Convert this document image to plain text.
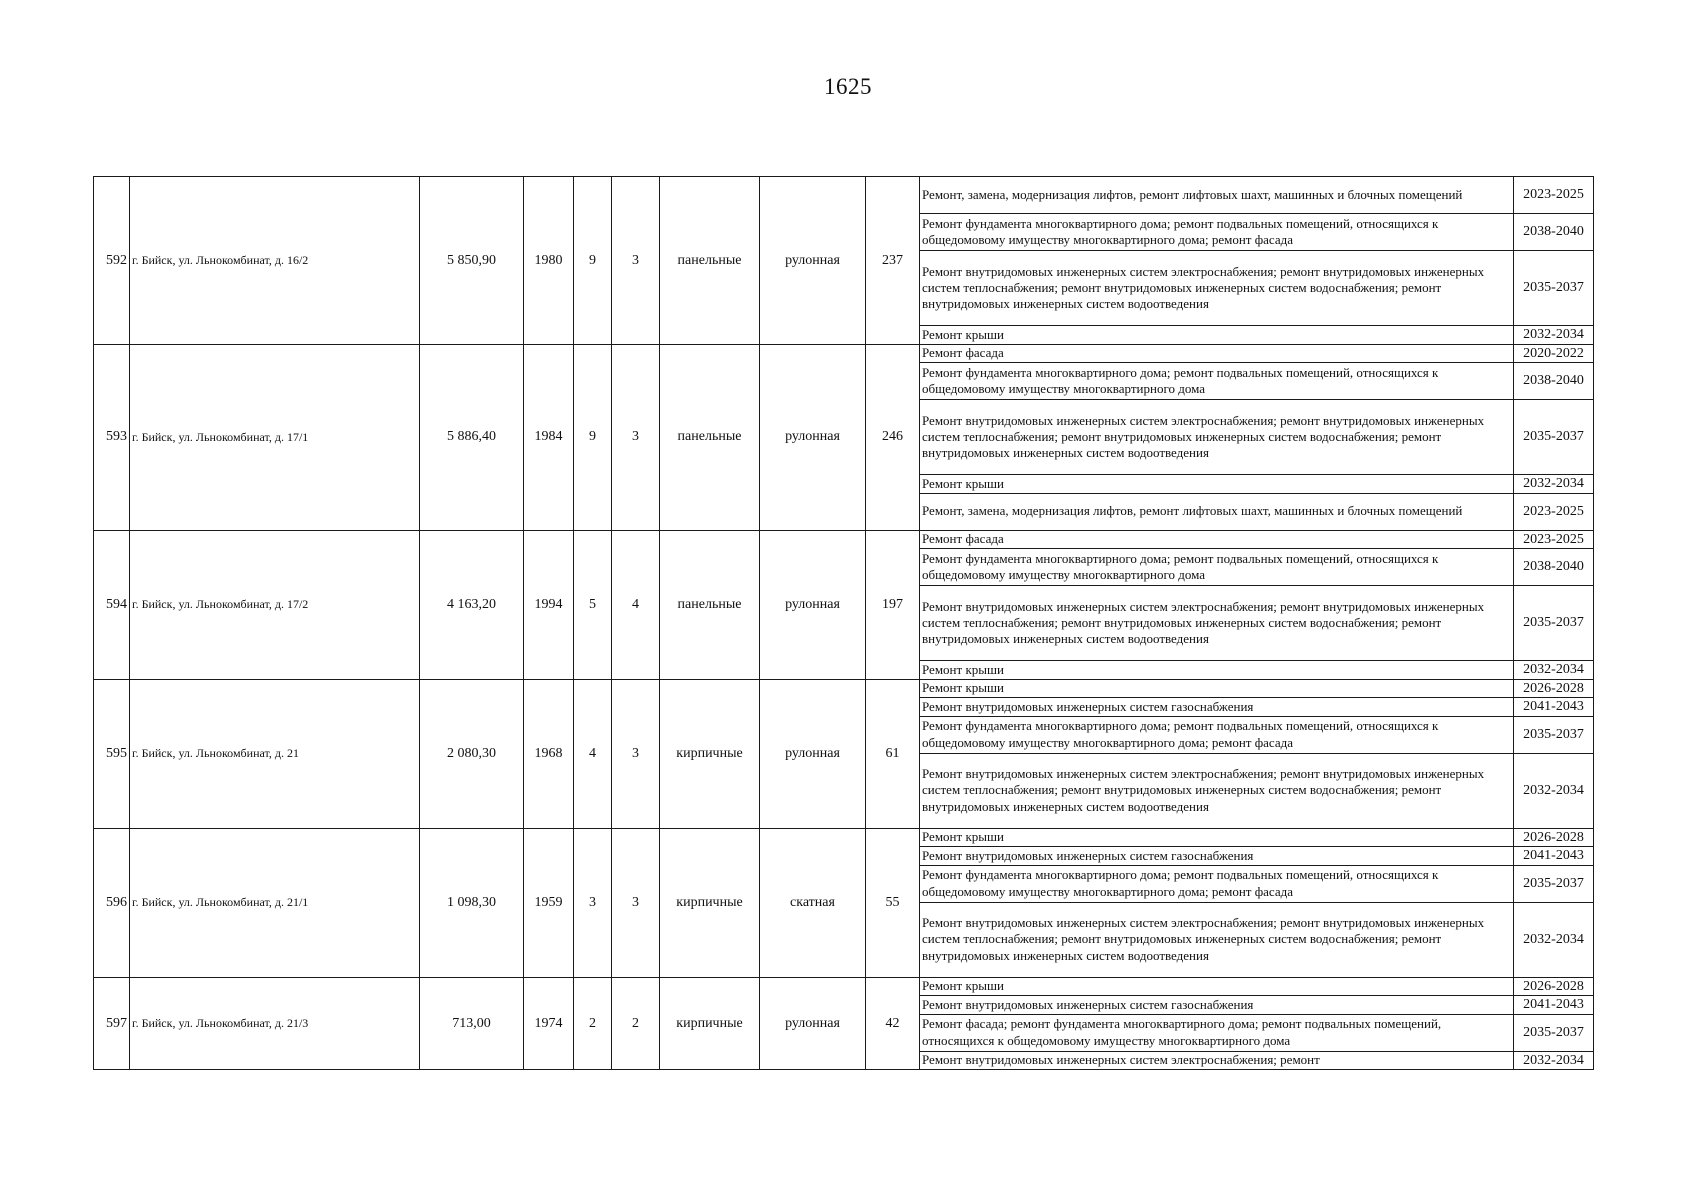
1625
592	г. Бийск, ул. Льнокомбинат, д. 16/2	5 850,90	1980	9	3	панельные	рулонная	237	Ремонт, замена, модернизация лифтов, ремонт лифтовых шахт, машинных и блочных помещений	2023-2025
									Ремонт фундамента многоквартирного дома; ремонт подвальных помещений, относящихся к общедомовому имуществу многоквартирного дома; ремонт фасада	2038-2040
									Ремонт внутридомовых инженерных систем электроснабжения; ремонт внутридомовых инженерных систем теплоснабжения; ремонт внутридомовых инженерных систем водоснабжения; ремонт внутридомовых инженерных систем водоотведения	2035-2037
									Ремонт крыши	2032-2034
593	г. Бийск, ул. Льнокомбинат, д. 17/1	5 886,40	1984	9	3	панельные	рулонная	246	Ремонт фасада	2020-2022
									Ремонт фундамента многоквартирного дома; ремонт подвальных помещений, относящихся к общедомовому имуществу многоквартирного дома	2038-2040
									Ремонт внутридомовых инженерных систем электроснабжения; ремонт внутридомовых инженерных систем теплоснабжения; ремонт внутридомовых инженерных систем водоснабжения; ремонт внутридомовых инженерных систем водоотведения	2035-2037
									Ремонт крыши	2032-2034
									Ремонт, замена, модернизация лифтов, ремонт лифтовых шахт, машинных и блочных помещений	2023-2025
594	г. Бийск, ул. Льнокомбинат, д. 17/2	4 163,20	1994	5	4	панельные	рулонная	197	Ремонт фасада	2023-2025
									Ремонт фундамента многоквартирного дома; ремонт подвальных помещений, относящихся к общедомовому имуществу многоквартирного дома	2038-2040
									Ремонт внутридомовых инженерных систем электроснабжения; ремонт внутридомовых инженерных систем теплоснабжения; ремонт внутридомовых инженерных систем водоснабжения; ремонт внутридомовых инженерных систем водоотведения	2035-2037
									Ремонт крыши	2032-2034
595	г. Бийск, ул. Льнокомбинат, д. 21	2 080,30	1968	4	3	кирпичные	рулонная	61	Ремонт крыши	2026-2028
									Ремонт внутридомовых инженерных систем газоснабжения	2041-2043
									Ремонт фундамента многоквартирного дома; ремонт подвальных помещений, относящихся к общедомовому имуществу многоквартирного дома; ремонт фасада	2035-2037
									Ремонт внутридомовых инженерных систем электроснабжения; ремонт внутридомовых инженерных систем теплоснабжения; ремонт внутридомовых инженерных систем водоснабжения; ремонт внутридомовых инженерных систем водоотведения	2032-2034
596	г. Бийск, ул. Льнокомбинат, д. 21/1	1 098,30	1959	3	3	кирпичные	скатная	55	Ремонт крыши	2026-2028
									Ремонт внутридомовых инженерных систем газоснабжения	2041-2043
									Ремонт фундамента многоквартирного дома; ремонт подвальных помещений, относящихся к общедомовому имуществу многоквартирного дома; ремонт фасада	2035-2037
									Ремонт внутридомовых инженерных систем электроснабжения; ремонт внутридомовых инженерных систем теплоснабжения; ремонт внутридомовых инженерных систем водоснабжения; ремонт внутридомовых инженерных систем водоотведения	2032-2034
597	г. Бийск, ул. Льнокомбинат, д. 21/3	713,00	1974	2	2	кирпичные	рулонная	42	Ремонт крыши	2026-2028
									Ремонт внутридомовых инженерных систем газоснабжения	2041-2043
									Ремонт фасада; ремонт фундамента многоквартирного дома; ремонт подвальных помещений, относящихся к общедомовому имуществу многоквартирного дома	2035-2037
									Ремонт внутридомовых инженерных систем электроснабжения; ремонт	2032-2034
